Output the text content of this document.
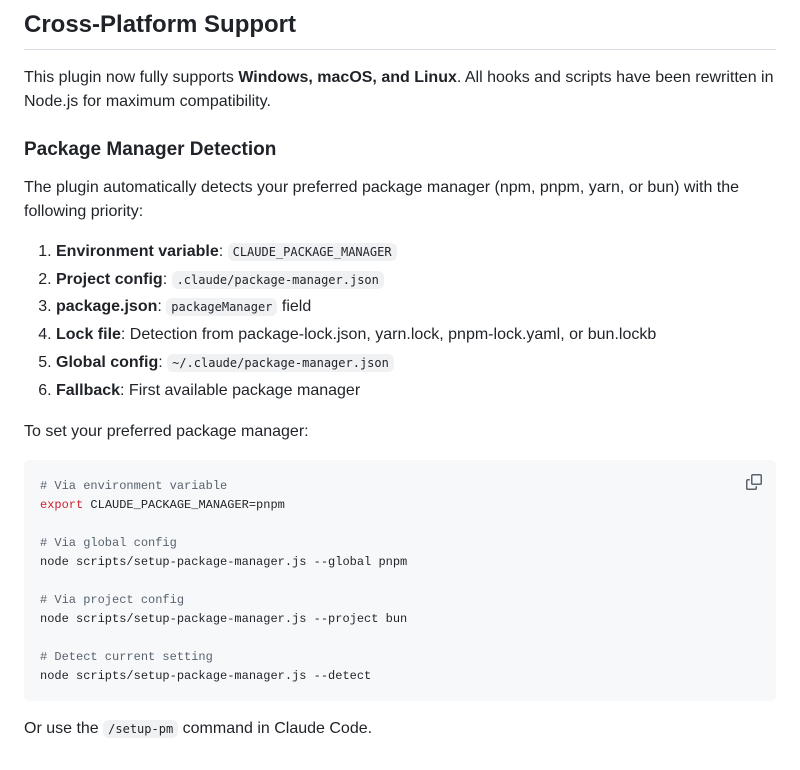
Cross-Platform Support

This plugin now fully supports Windows, macOS, and Linux. All hooks and scripts have been rewritten in Node.js for maximum compatibility.

Package Manager Detection

The plugin automatically detects your preferred package manager (npm, pnpm, yarn, or bun) with the following priority:

1. Environment variable: CLAUDE_PACKAGE_MANAGER
2. Project config: .claude/package-manager.json
3. package.json: packageManager field
4. Lock file: Detection from package-lock.json, yarn.lock, pnpm-lock.yaml, or bun.lockb
5. Global config: ~/.claude/package-manager.json
6. Fallback: First available package manager

To set your preferred package manager:

# Via environment variable
export CLAUDE_PACKAGE_MANAGER=pnpm

# Via global config
node scripts/setup-package-manager.js --global pnpm

# Via project config
node scripts/setup-package-manager.js --project bun

# Detect current setting
node scripts/setup-package-manager.js --detect

Or use the /setup-pm command in Claude Code.
